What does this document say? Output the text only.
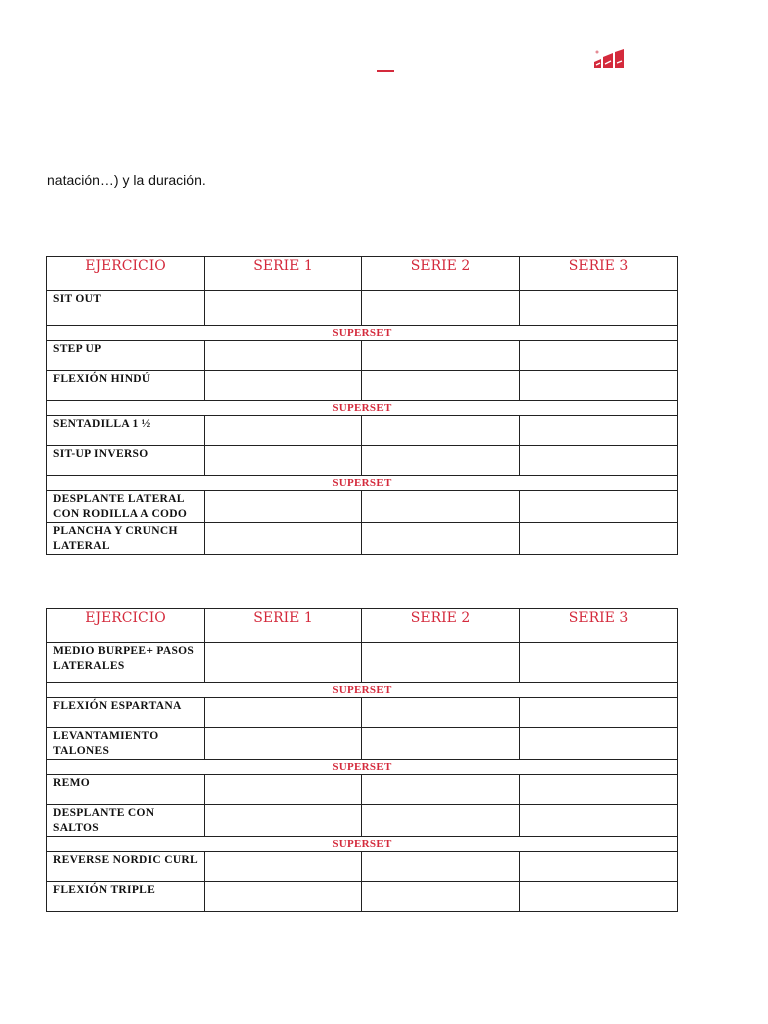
natación…) y la duración.
EJERCICIO	SERIE 1	SERIE 2	SERIE 3
SIT OUT			
SUPERSET			
STEP UP			
FLEXIÓN HINDÚ			
SUPERSET			
SENTADILLA 1 ½			
SIT-UP INVERSO			
SUPERSET			
DESPLANTE LATERAL CON RODILLA A CODO			
PLANCHA Y CRUNCH LATERAL			
EJERCICIO	SERIE 1	SERIE 2	SERIE 3
MEDIO BURPEE+ PASOS LATERALES			
SUPERSET			
FLEXIÓN ESPARTANA			
LEVANTAMIENTO TALONES			
SUPERSET			
REMO			
DESPLANTE CON SALTOS			
SUPERSET			
REVERSE NORDIC CURL			
FLEXIÓN TRIPLE			
